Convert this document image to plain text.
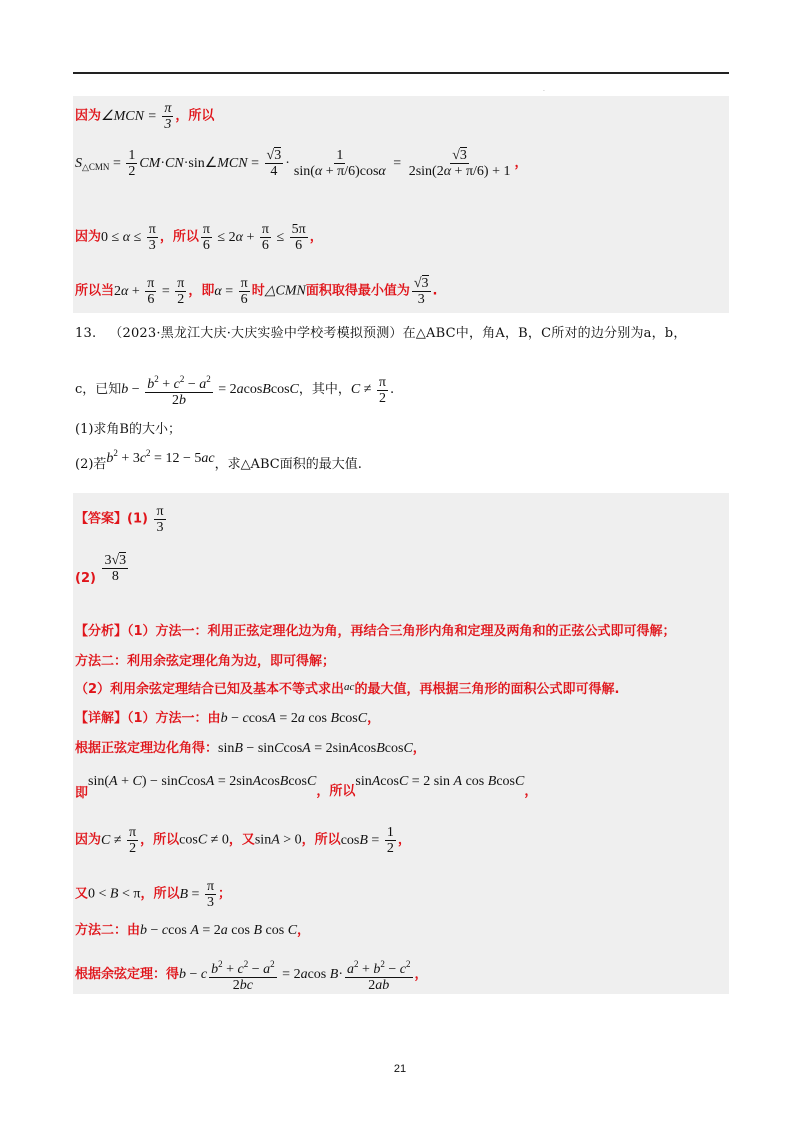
·
因为∠MCN = $\frac{\pi}{3}$ ，所以
$S_{\triangle CMN} = \frac{1}{2}$ CM·CN·sin∠MCN = $\frac{√3}{4} \cdot \frac{1}{\sin(\alpha + \pi/6)\cos\alpha} = \frac{√3}{2\sin(2\alpha + \pi/6) + 1}$ ，
因为$0 \le \alpha \le \frac{\pi}{3}$ ，所以 $\frac{\pi}{6} \le 2\alpha + \frac{\pi}{6} \le \frac{5\pi}{6}$ ，
所以当$2\alpha + \frac{\pi}{6} = \frac{\pi}{2}$ ，即$\alpha = \frac{\pi}{6}$ 时△CMN面积取得最小值为 $\frac{√3}{3}$ .
13. （2023·黑龙江大庆·大庆实验中学校考模拟预测）在△ABC中，角A，B，C所对的边分别为a，b，
c，已知$b - \frac{b^2 + c^2 - a^2}{2b}$ = 2acosBcosC，其中，$C \ne \frac{\pi}{2}$ .
(1)求角B的大小；
(2)若$b^2 + 3c^2 = 12 - 5ac$，求△ABC面积的最大值.
【答案】$(1) \frac{\pi}{3}$
$(2) \frac{3√3}{8}$
【分析】（1）方法一：利用正弦定理化边为角，再结合三角形内角和定理及两角和的正弦公式即可得解；
方法二：利用余弦定理化角为边，即可得解；
（2）利用余弦定理结合已知及基本不等式求出$^{ac}$的最大值，再根据三角形的面积公式即可得解.
【详解】（1）方法一：由b − ccosA = 2a cos BcosC，
根据正弦定理边化角得：sinB − sinCcosA = 2sinAcosBcosC，
即sin(A + C) − sinCcosA = 2sinAcosBcosC，所以sinAcosC = 2 sin A cos BcosC，
因为$C \ne \frac{\pi}{2}$ ，所以cosC ≠ 0，又sinA > 0，所以$\cos B = \frac{1}{2}$ ，
又0 < B < π，所以$B = \frac{\pi}{3}$ ；
方法二：由b − ccos A = 2a cos B cos C，
根据余弦定理：得b − c $\frac{b^2 + c^2 - a^2}{2bc} = 2acos$ $B\cdot \frac{a^2 + b^2 - c^2}{2ab}$ ，
21
